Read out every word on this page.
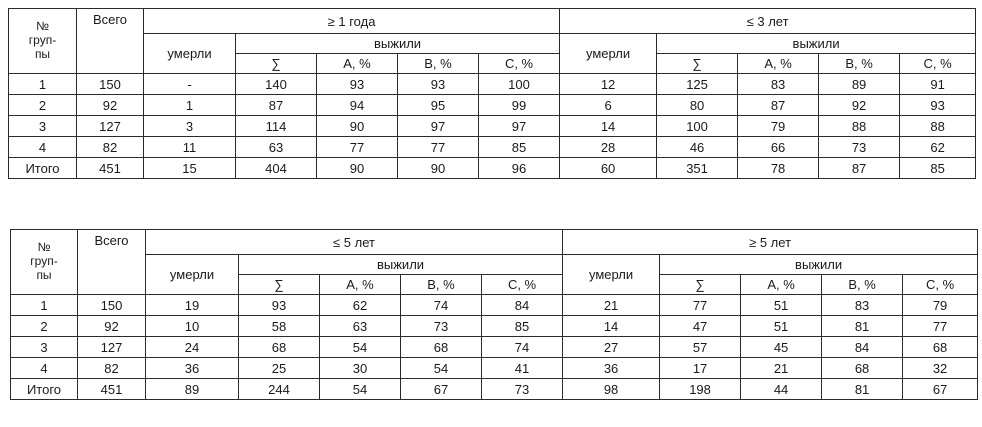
№
груп-
пы	Всего	≥ 1 года					≤ 3 лет				
		умерли	выжили				умерли	выжили			
			∑	А, %	В, %	С, %		∑	А, %	В, %	С, %
1	150	-	140	93	93	100	12	125	83	89	91
2	92	1	87	94	95	99	6	80	87	92	93
3	127	3	114	90	97	97	14	100	79	88	88
4	82	11	63	77	77	85	28	46	66	73	62
Итого	451	15	404	90	90	96	60	351	78	87	85
№
груп-
пы	Всего	≤ 5 лет					≥ 5 лет				
		умерли	выжили				умерли	выжили			
			∑	А, %	В, %	С, %		∑	А, %	В, %	С, %
1	150	19	93	62	74	84	21	77	51	83	79
2	92	10	58	63	73	85	14	47	51	81	77
3	127	24	68	54	68	74	27	57	45	84	68
4	82	36	25	30	54	41	36	17	21	68	32
Итого	451	89	244	54	67	73	98	198	44	81	67
